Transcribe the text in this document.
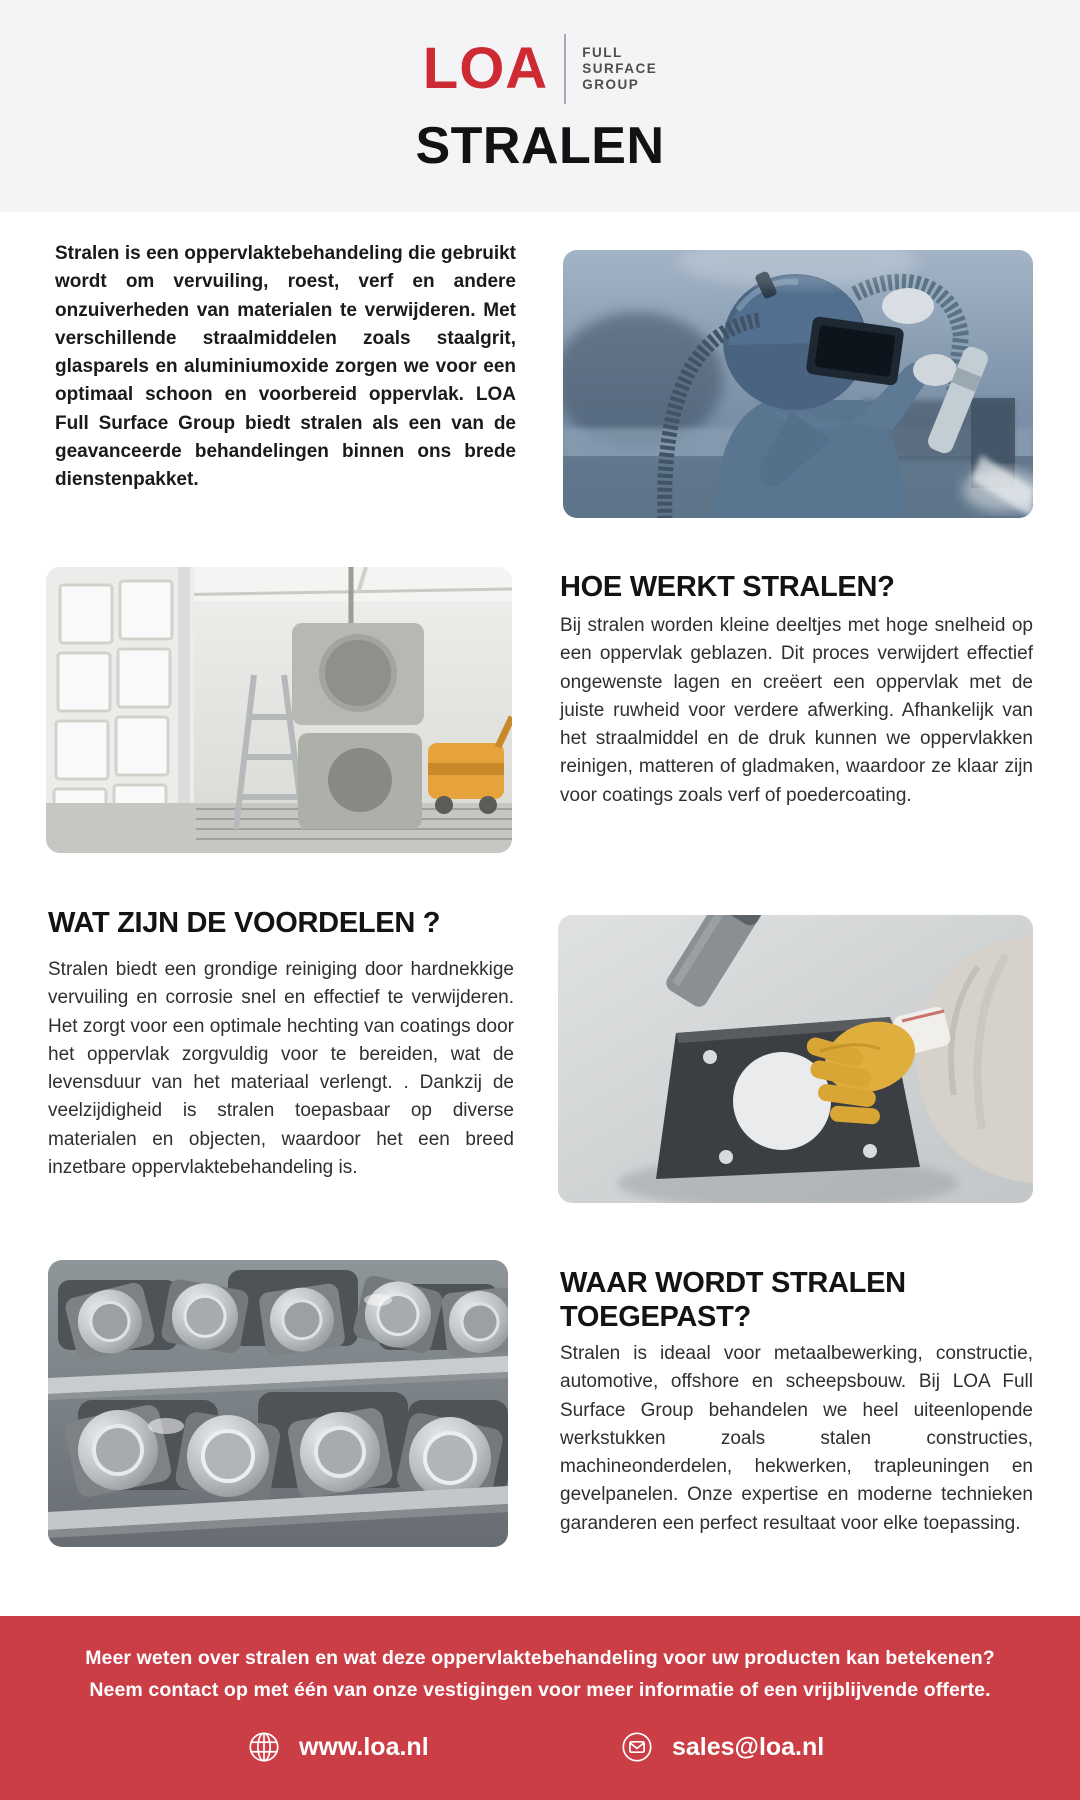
LOA	FULL
SURFACE
GROUP
STRALEN
Stralen is een oppervlaktebehandeling die gebruikt wordt om vervuiling, roest, verf en andere onzuiverheden van materialen te verwijderen. Met verschillende straalmiddelen zoals staalgrit, glasparels en aluminiumoxide zorgen we voor een optimaal schoon en voorbereid oppervlak. LOA Full Surface Group biedt stralen als een van de geavanceerde behandelingen binnen ons brede dienstenpakket.
HOE WERKT STRALEN?
Bij stralen worden kleine deeltjes met hoge snelheid op een oppervlak geblazen. Dit proces verwijdert effectief ongewenste lagen en creëert een oppervlak met de juiste ruwheid voor verdere afwerking. Afhankelijk van het straalmiddel en de druk kunnen we oppervlakken reinigen, matteren of gladmaken, waardoor ze klaar zijn voor coatings zoals verf of poedercoating.
WAT ZIJN DE VOORDELEN ?
Stralen biedt een grondige reiniging door hardnekkige vervuiling en corrosie snel en effectief te verwijderen. Het zorgt voor een optimale hechting van coatings door het oppervlak zorgvuldig voor te bereiden, wat de levensduur van het materiaal verlengt. . Dankzij de veelzijdigheid is stralen toepasbaar op diverse materialen en objecten, waardoor het een breed inzetbare oppervlaktebehandeling is.
WAAR WORDT STRALEN TOEGEPAST?
Stralen is ideaal voor metaalbewerking, constructie, automotive, offshore en scheepsbouw. Bij LOA Full Surface Group behandelen we heel uiteenlopende werkstukken zoals stalen constructies, machineonderdelen, hekwerken, trapleuningen en gevelpanelen. Onze expertise en moderne technieken garanderen een perfect resultaat voor elke toepassing.
Meer weten over stralen en wat deze oppervlaktebehandeling voor uw producten kan betekenen?
Neem contact op met één van onze vestigingen voor meer informatie of een vrijblijvende offerte.
www.loa.nl	sales@loa.nl
